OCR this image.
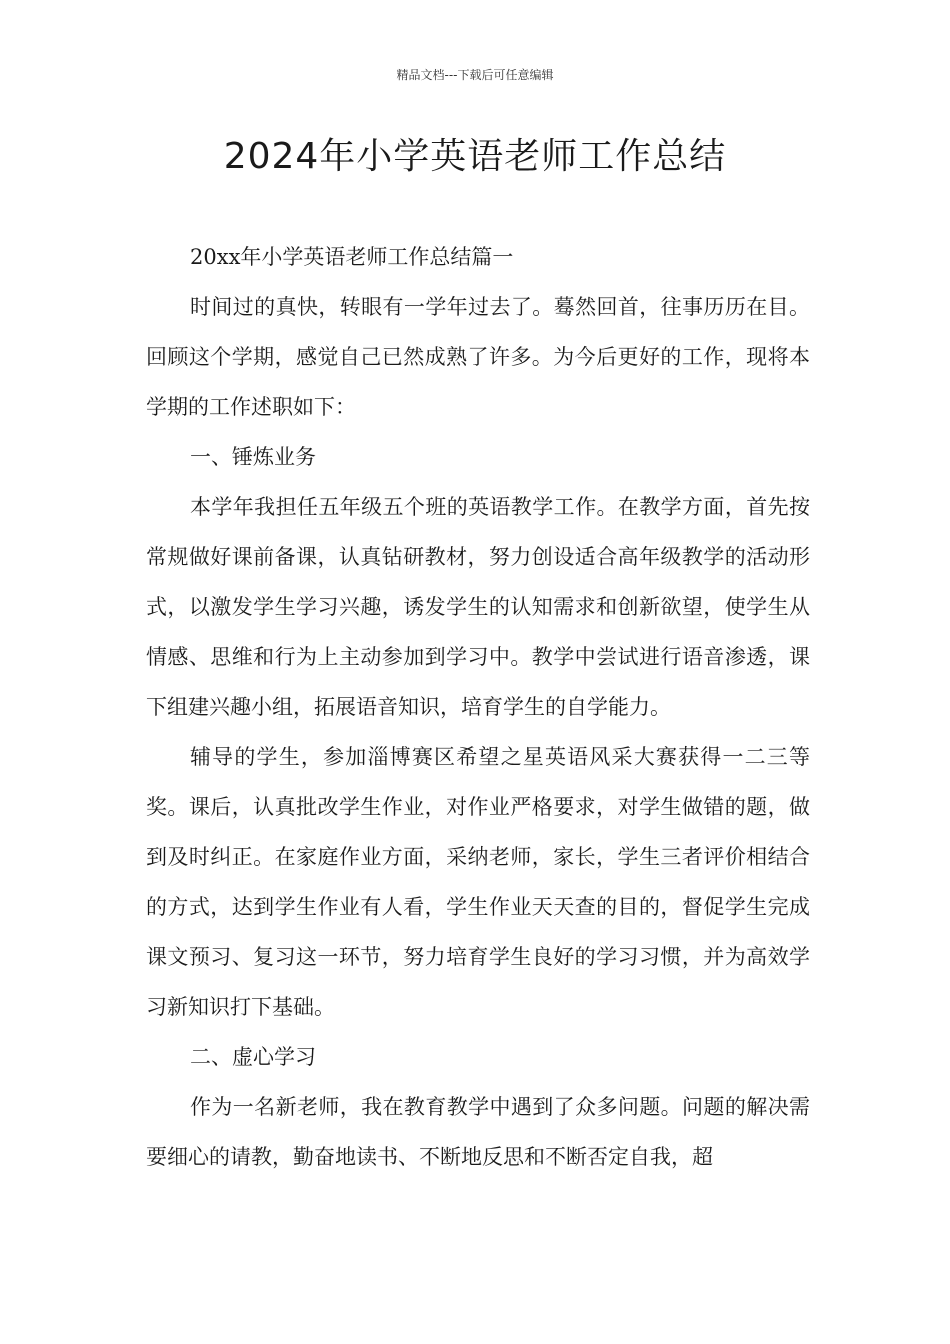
精品文档---下载后可任意编辑
2024年小学英语老师工作总结

20xx年小学英语老师工作总结篇一

时间过的真快，转眼有一学年过去了。蓦然回首，往事历历在目。回顾这个学期，感觉自己已然成熟了许多。为今后更好的工作，现将本学期的工作述职如下：

一、锤炼业务

本学年我担任五年级五个班的英语教学工作。在教学方面，首先按常规做好课前备课，认真钻研教材，努力创设适合高年级教学的活动形式，以激发学生学习兴趣，诱发学生的认知需求和创新欲望，使学生从情感、思维和行为上主动参加到学习中。教学中尝试进行语音渗透，课下组建兴趣小组，拓展语音知识，培育学生的自学能力。

辅导的学生，参加淄博赛区希望之星英语风采大赛获得一二三等奖。课后，认真批改学生作业，对作业严格要求，对学生做错的题，做到及时纠正。在家庭作业方面，采纳老师，家长，学生三者评价相结合的方式，达到学生作业有人看，学生作业天天查的目的，督促学生完成课文预习、复习这一环节，努力培育学生良好的学习习惯，并为高效学习新知识打下基础。

二、虚心学习

作为一名新老师，我在教育教学中遇到了众多问题。问题的解决需要细心的请教，勤奋地读书、不断地反思和不断否定自我，超
